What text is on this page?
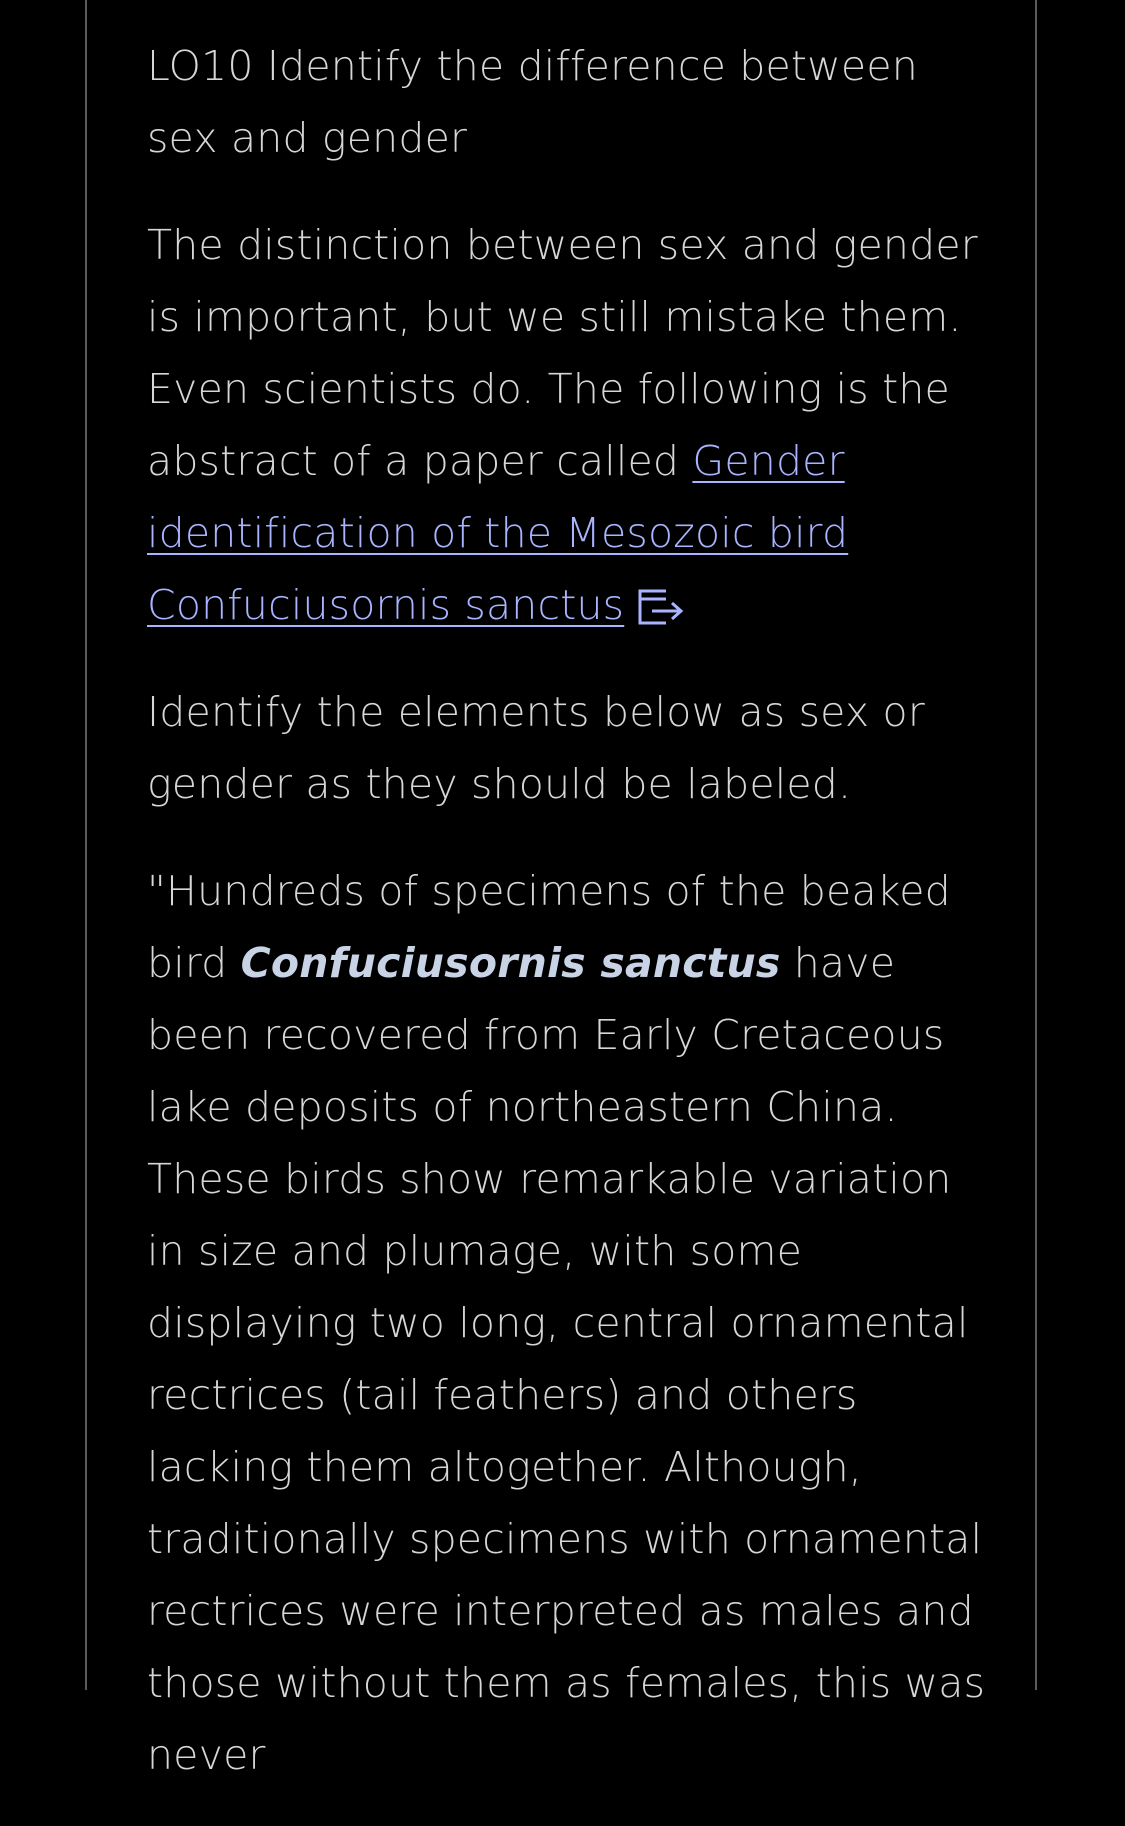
LO10 Identify the difference between sex and gender

The distinction between sex and gender is important, but we still mistake them. Even scientists do. The following is the abstract of a paper called Gender identification of the Mesozoic bird Confuciusornis sanctus

Identify the elements below as sex or gender as they should be labeled.

"Hundreds of specimens of the beaked bird Confuciusornis sanctus have been recovered from Early Cretaceous lake deposits of northeastern China. These birds show remarkable variation in size and plumage, with some displaying two long, central ornamental rectrices (tail feathers) and others lacking them altogether. Although, traditionally specimens with ornamental rectrices were interpreted as males and those without them as females, this was never
